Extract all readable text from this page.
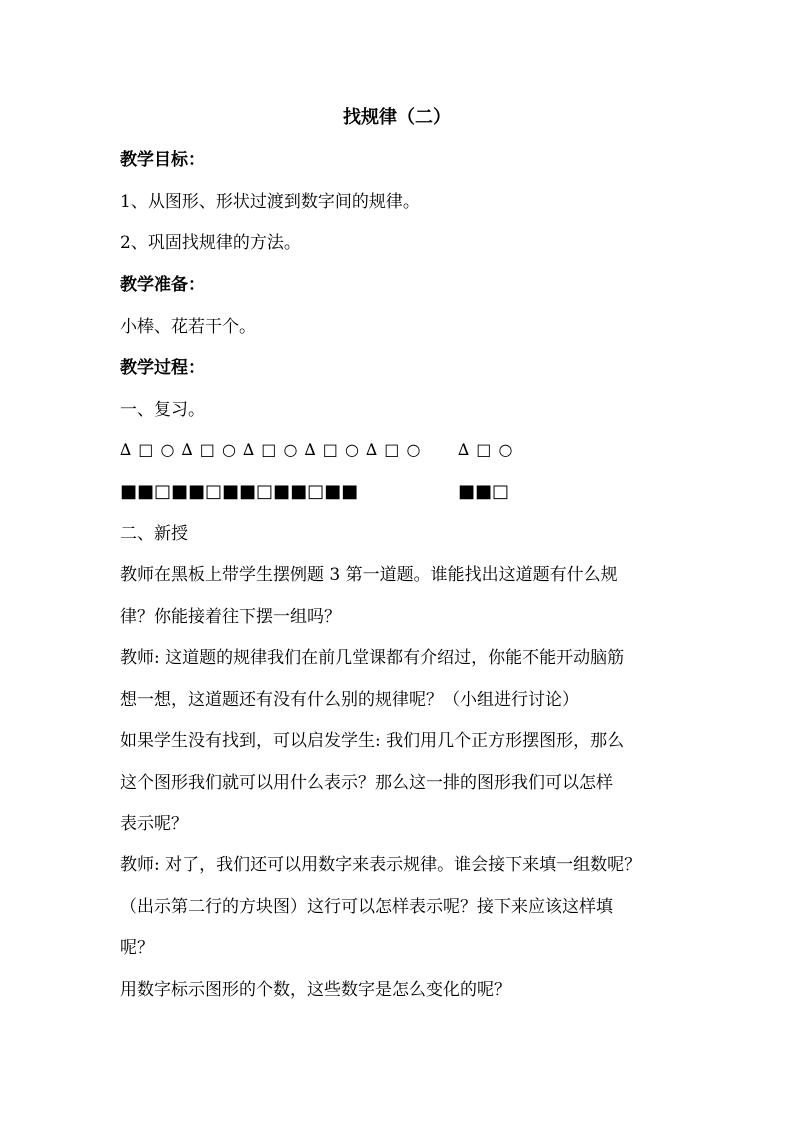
找规律（二）
教学目标：
1、从图形、形状过渡到数字间的规律。
2、巩固找规律的方法。
教学准备：
小棒、花若干个。
教学过程：
一、复习。
∆ □ ○ ∆ □ ○ ∆ □ ○ ∆ □ ○ ∆ □ ○ ∆ □ ○
■■□■■□■■□■■□■■	■■□
二、新授
教师在黑板上带学生摆例题 3 第一道题。谁能找出这道题有什么规
律？你能接着往下摆一组吗？
教师: 这道题的规律我们在前几堂课都有介绍过，你能不能开动脑筋
想一想，这道题还有没有什么别的规律呢？（小组进行讨论）
如果学生没有找到，可以启发学生: 我们用几个正方形摆图形，那么
这个图形我们就可以用什么表示？那么这一排的图形我们可以怎样
表示呢？
教师: 对了，我们还可以用数字来表示规律。谁会接下来填一组数呢？
（出示第二行的方块图）这行可以怎样表示呢？接下来应该这样填
呢？
用数字标示图形的个数，这些数字是怎么变化的呢？
